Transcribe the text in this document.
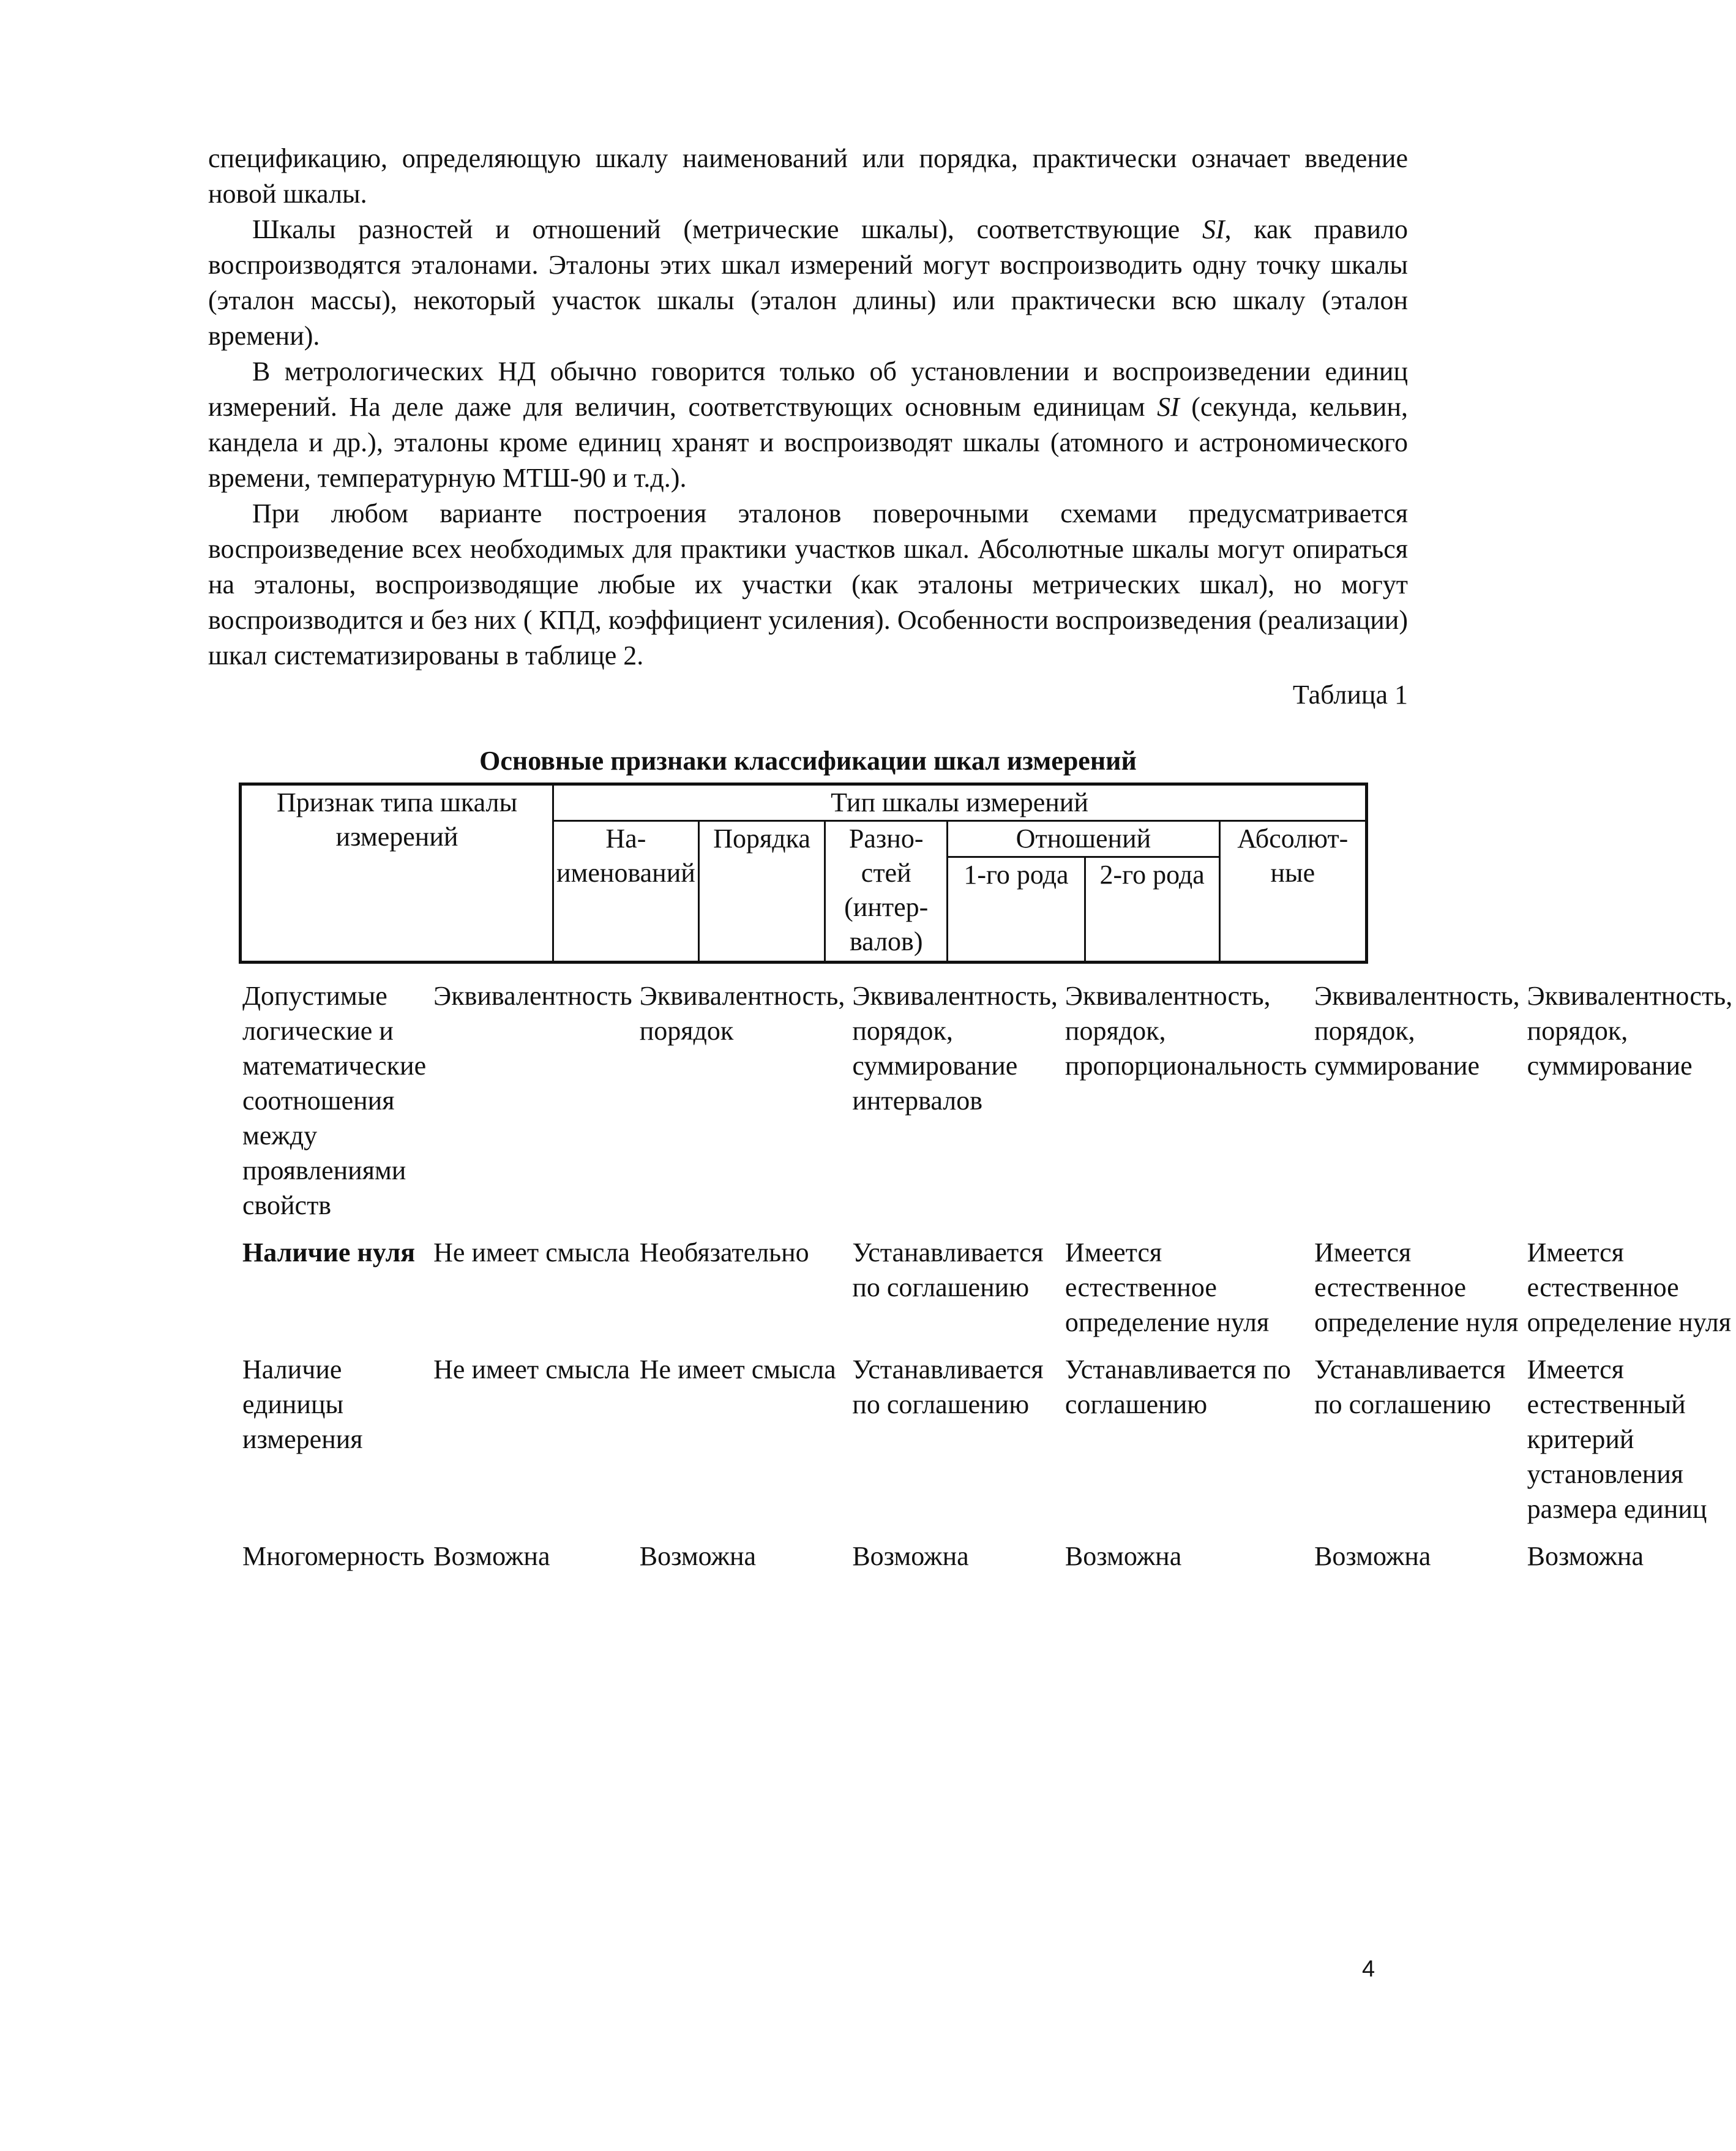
спецификацию, определяющую шкалу наименований или порядка, практически означает введение новой шкалы.

Шкалы разностей и отношений (метрические шкалы), соответствующие SI, как правило воспроизводятся эталонами. Эталоны этих шкал измерений могут воспроизводить одну точку шкалы (эталон массы), некоторый участок шкалы (эталон длины) или практически всю шкалу (эталон времени).

В метрологических НД обычно говорится только об установлении и воспроизведении единиц измерений. На деле даже для величин, соответствующих основным единицам SI (секунда, кельвин, кандела и др.), эталоны кроме единиц хранят и воспроизводят шкалы (атомного и астрономического времени, температурную МТШ-90 и т.д.).

При любом варианте построения эталонов поверочными схемами предусматривается воспроизведение всех необходимых для практики участков шкал. Абсолютные шкалы могут опираться на эталоны, воспроизводящие любые их участки (как эталоны метрических шкал), но могут воспроизводится и без них ( КПД, коэффициент усиления). Особенности воспроизведения (реализации) шкал систематизированы в таблице 2.

Таблица 1

Основные признаки классификации шкал измерений

Признак типа шкалы измерений	Тип шкалы измерений					
	На-именований	Порядка	Разно-стей (интер-валов)	Отношений		Абсолют-ные
				1-го рода	2-го рода	
Допустимые логические и математические соотношения между проявлениями свойств	Эквивалентность	Эквивалентность, порядок	Эквивалентность, порядок, суммирование интервалов	Эквивалентность, порядок, пропорциональность	Эквивалентность, порядок, суммирование	Эквивалентность, порядок, суммирование
Наличие нуля	Не имеет смысла	Необязательно	Устанавливается по соглашению	Имеется естественное определение нуля	Имеется естественное определение нуля	Имеется естественное определение нуля
Наличие единицы измерения	Не имеет смысла	Не имеет смысла	Устанавливается по соглашению	Устанавливается по соглашению	Устанавливается по соглашению	Имеется естественный критерий установления размера единиц
Многомерность	Возможна	Возможна	Возможна	Возможна	Возможна	Возможна
4
